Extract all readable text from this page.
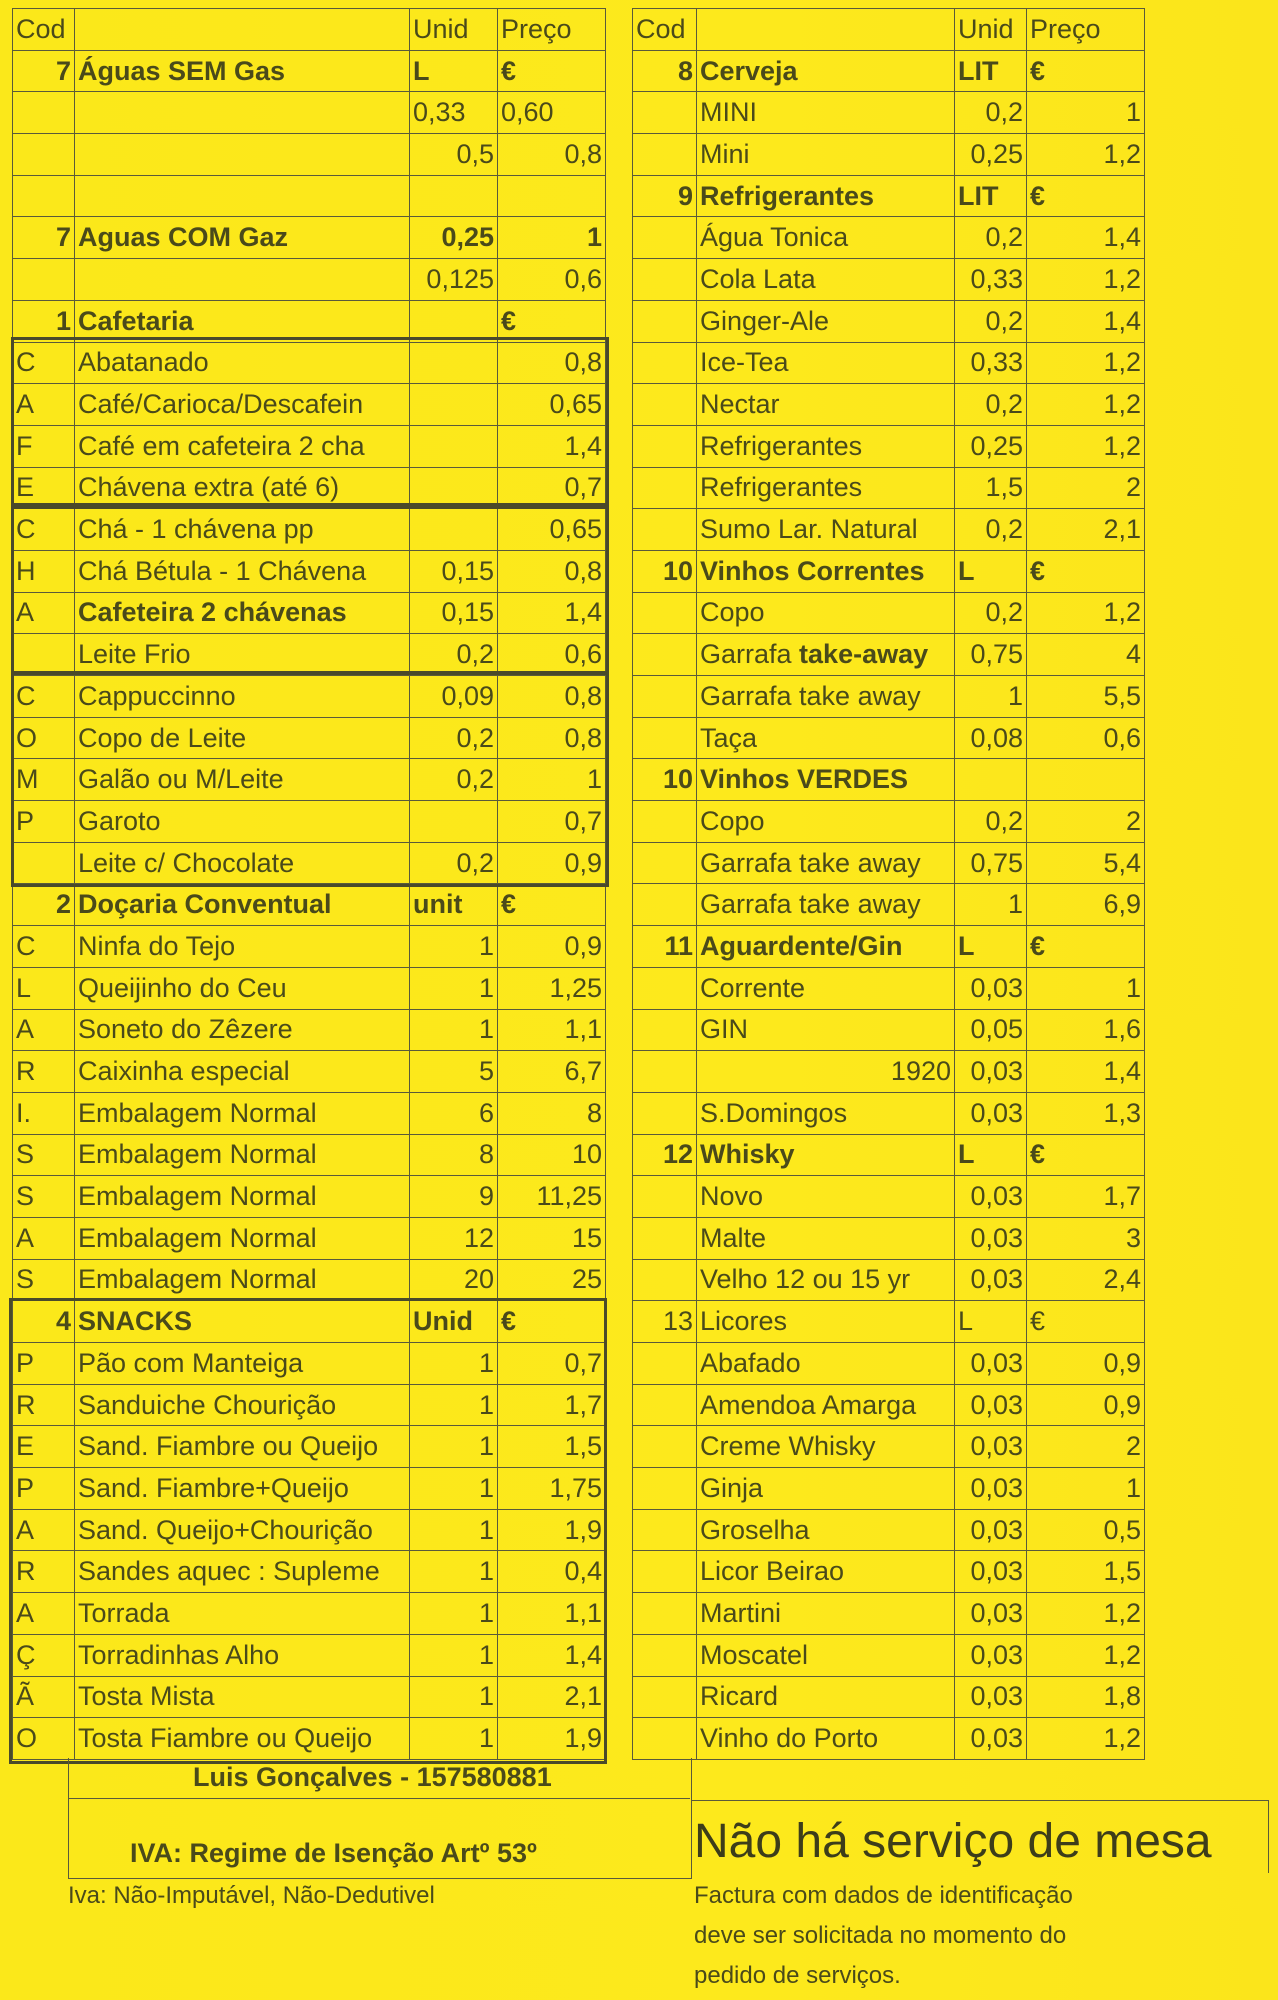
Cod		Unid	Preço
7	Águas SEM Gas	L	€
		0,33	0,60
		0,5	0,8

7	Aguas COM Gaz	0,25	1
		0,125	0,6
1	Cafetaria		€
C	Abatanado		0,8
A	Café/Carioca/Descafein		0,65
F	Café em cafeteira 2 cha		1,4
E	Chávena extra (até 6)		0,7
C	Chá - 1 chávena pp		0,65
H	Chá Bétula - 1 Chávena	0,15	0,8
A	Cafeteira 2 chávenas	0,15	1,4
	Leite Frio	0,2	0,6
C	Cappuccinno	0,09	0,8
O	Copo de Leite	0,2	0,8
M	Galão ou M/Leite	0,2	1
P	Garoto		0,7
	Leite c/ Chocolate	0,2	0,9
2	Doçaria Conventual	unit	€
C	Ninfa do Tejo	1	0,9
L	Queijinho do Ceu	1	1,25
A	Soneto do Zêzere	1	1,1
R	Caixinha especial	5	6,7
I.	Embalagem Normal	6	8
S	Embalagem Normal	8	10
S	Embalagem Normal	9	11,25
A	Embalagem Normal	12	15
S	Embalagem Normal	20	25
4	SNACKS	Unid	€
P	Pão com Manteiga	1	0,7
R	Sanduiche Chourição	1	1,7
E	Sand. Fiambre ou Queijo	1	1,5
P	Sand. Fiambre+Queijo	1	1,75
A	Sand. Queijo+Chourição	1	1,9
R	Sandes aquec : Supleme	1	0,4
A	Torrada	1	1,1
Ç	Torradinhas Alho	1	1,4
Ã	Tosta Mista	1	2,1
O	Tosta Fiambre ou Queijo	1	1,9
Cod		Unid	Preço
8	Cerveja	LIT	€
	MINI	0,2	1
	Mini	0,25	1,2
9	Refrigerantes	LIT	€
	Água Tonica	0,2	1,4
	Cola Lata	0,33	1,2
	Ginger-Ale	0,2	1,4
	Ice-Tea	0,33	1,2
	Nectar	0,2	1,2
	Refrigerantes	0,25	1,2
	Refrigerantes	1,5	2
	Sumo Lar. Natural	0,2	2,1
10	Vinhos Correntes	L	€
	Copo	0,2	1,2
	Garrafa take-away	0,75	4
	Garrafa take away	1	5,5
	Taça	0,08	0,6
10	Vinhos VERDES		
	Copo	0,2	2
	Garrafa take away	0,75	5,4
	Garrafa take away	1	6,9
11	Aguardente/Gin	L	€
	Corrente	0,03	1
	GIN	0,05	1,6
	1920	0,03	1,4
	S.Domingos	0,03	1,3
12	Whisky	L	€
	Novo	0,03	1,7
	Malte	0,03	3
	Velho 12 ou 15 yr	0,03	2,4
13	Licores	L	€
	Abafado	0,03	0,9
	Amendoa Amarga	0,03	0,9
	Creme Whisky	0,03	2
	Ginja	0,03	1
	Groselha	0,03	0,5
	Licor Beirao	0,03	1,5
	Martini	0,03	1,2
	Moscatel	0,03	1,2
	Ricard	0,03	1,8
	Vinho do Porto	0,03	1,2
Luis Gonçalves - 157580881
IVA: Regime de Isenção Artº 53º
Iva: Não-Imputável, Não-Dedutivel
Não há serviço de mesa
Factura com dados de identificação
deve ser solicitada no momento do
pedido de serviços.
